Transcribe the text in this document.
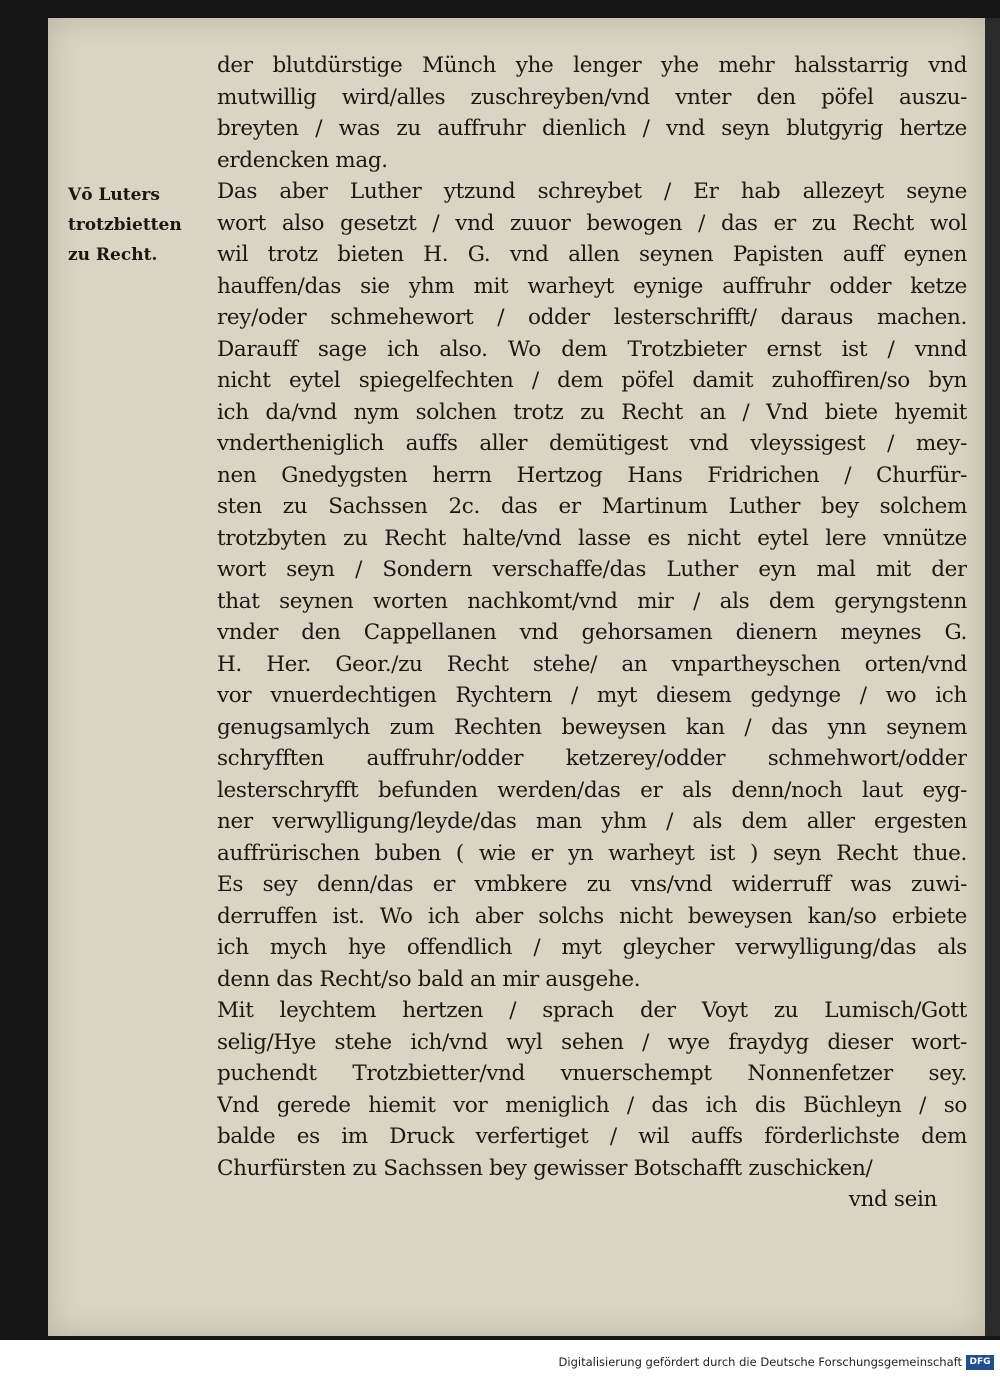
Vō Luters
trotzbietten
zu Recht.
der blutdürstige Münch yhe lenger yhe mehr halsstarrig vnd
mutwillig wird/alles zuschreyben/vnd vnter den pöfel auszu-
breyten / was zu auffruhr dienlich / vnd seyn blutgyrig hertze
erdencken mag.
Das aber Luther ytzund schreybet / Er hab allezeyt seyne
wort also gesetzt / vnd zuuor bewogen / das er zu Recht wol
wil trotz bieten H. G. vnd allen seynen Papisten auff eynen
hauffen/das sie yhm mit warheyt eynige auffruhr odder ketze
rey/oder schmehewort / odder lesterschrifft/ daraus machen.
Darauff sage ich also. Wo dem Trotzbieter ernst ist / vnnd
nicht eytel spiegelfechten / dem pöfel damit zuhoffiren/so byn
ich da/vnd nym solchen trotz zu Recht an / Vnd biete hyemit
vndertheniglich auffs aller demütigest vnd vleyssigest / mey-
nen Gnedygsten herrn Hertzog Hans Fridrichen / Churfür-
sten zu Sachssen 2c. das er Martinum Luther bey solchem
trotzbyten zu Recht halte/vnd lasse es nicht eytel lere vnnütze
wort seyn / Sondern verschaffe/das Luther eyn mal mit der
that seynen worten nachkomt/vnd mir / als dem geryngstenn
vnder den Cappellanen vnd gehorsamen dienern meynes G.
H. Her. Geor./zu Recht stehe/ an vnpartheyschen orten/vnd
vor vnuerdechtigen Rychtern / myt diesem gedynge / wo ich
genugsamlych zum Rechten beweysen kan / das ynn seynem
schryfften auffruhr/odder ketzerey/odder schmehwort/odder
lesterschryfft befunden werden/das er als denn/noch laut eyg-
ner verwylligung/leyde/das man yhm / als dem aller ergesten
auffrürischen buben ( wie er yn warheyt ist ) seyn Recht thue.
Es sey denn/das er vmbkere zu vns/vnd widerruff was zuwi-
derruffen ist. Wo ich aber solchs nicht beweysen kan/so erbiete
ich mych hye offendlich / myt gleycher verwylligung/das als
denn das Recht/so bald an mir ausgehe.
Mit leychtem hertzen / sprach der Voyt zu Lumisch/Gott
selig/Hye stehe ich/vnd wyl sehen / wye fraydyg dieser wort-
puchendt Trotzbietter/vnd vnuerschempt Nonnenfetzer sey.
Vnd gerede hiemit vor meniglich / das ich dis Büchleyn / so
balde es im Druck verfertiget / wil auffs förderlichste dem
Churfürsten zu Sachssen bey gewisser Botschafft zuschicken/
vnd sein
Digitalisierung gefördert durch die Deutsche Forschungsgemeinschaft DFG
